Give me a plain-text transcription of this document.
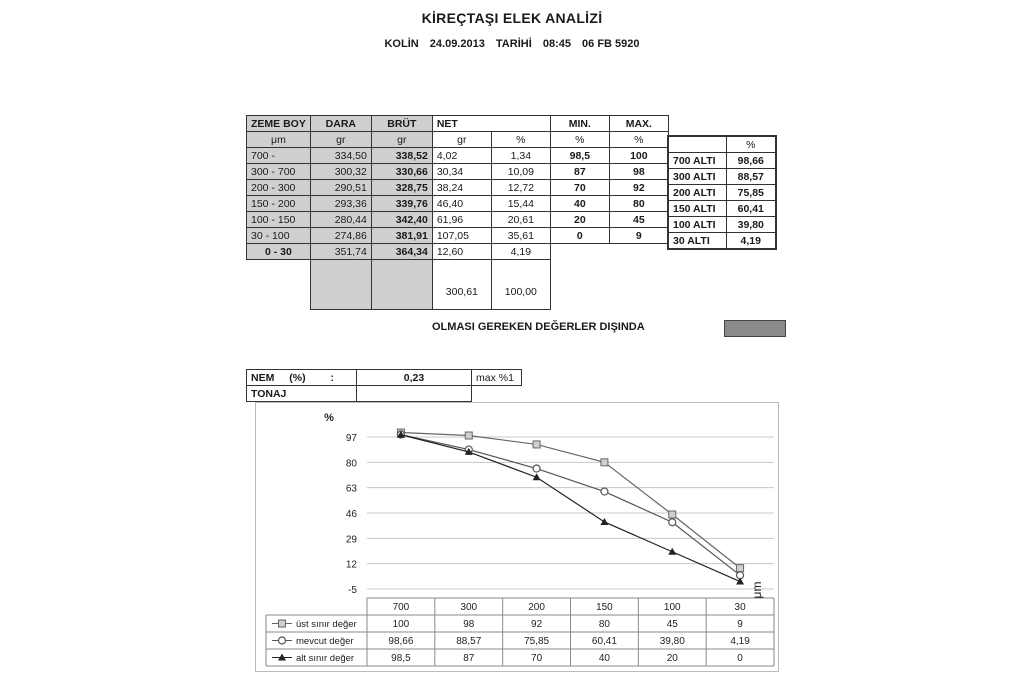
KİREÇTAŞI ELEK ANALİZİ
KOLİN 24.09.2013 TARİHİ 08:45 06 FB 5920
ZEME BOY	DARA	BRÜT	NET		MIN.	MAX.
μm	gr	gr	gr	%	%	%
700 -	334,50	338,52	4,02	1,34	98,5	100
300 - 700	300,32	330,66	30,34	10,09	87	98
200 - 300	290,51	328,75	38,24	12,72	70	92
150 - 200	293,36	339,76	46,40	15,44	40	80
100 - 150	280,44	342,40	61,96	20,61	20	45
30 - 100	274,86	381,91	107,05	35,61	0	9
0 - 30	351,74	364,34	12,60	4,19		

			300,61	100,00		
	%
700 ALTI	98,66
300 ALTI	88,57
200 ALTI	75,85
150 ALTI	60,41
100 ALTI	39,80
30 ALTI	4,19
OLMASI GEREKEN DEĞERLER DIŞINDA
NEM (%) :	0,23	max %1
TONAJ		
97
80
63
46
29
12
-5
%
700	300	200	150	100	30
μm
üst sınır değer	100	98	92	80	45	9
mevcut değer	98,66	88,57	75,85	60,41	39,80	4,19
alt sınır değer	98,5	87	70	40	20	0
